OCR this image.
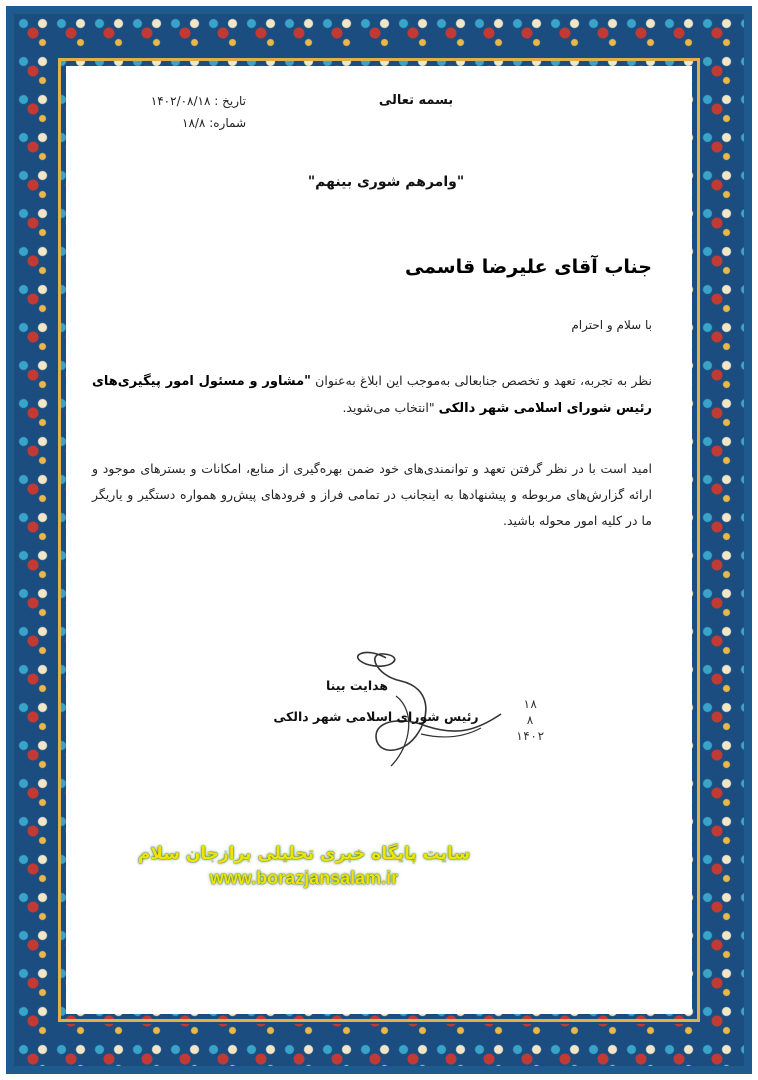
بسمه تعالی
تاریخ : ۱۴۰۲/۰۸/۱۸
شماره: ۱۸/۸
"وامرهم شوری بینهم"
جناب آقای علیرضا قاسمی
با سلام و احترام
نظر به تجربه، تعهد و تخصص جنابعالی به‌موجب این ابلاغ به‌عنوان "مشاور و مسئول امور پیگیری‌های رئیس شورای اسلامی شهر دالکی "انتخاب می‌شوید.
امید است با در نظر گرفتن تعهد و توانمندی‌های خود ضمن بهره‌گیری از منابع، امکانات و بسترهای موجود و ارائه گزارش‌های مربوطه و پیشنهادها به اینجانب در تمامی فراز و فرودهای پیش‌رو همواره دستگیر و یاریگر ما در کلیه امور محوله باشید.
هدایت بینا
رئیس شورای اسلامی شهر دالکی
۱۸
۸
۱۴۰۲
سایت پایگاه خبری تحلیلی برازجان سلام
www.borazjansalam.ir
